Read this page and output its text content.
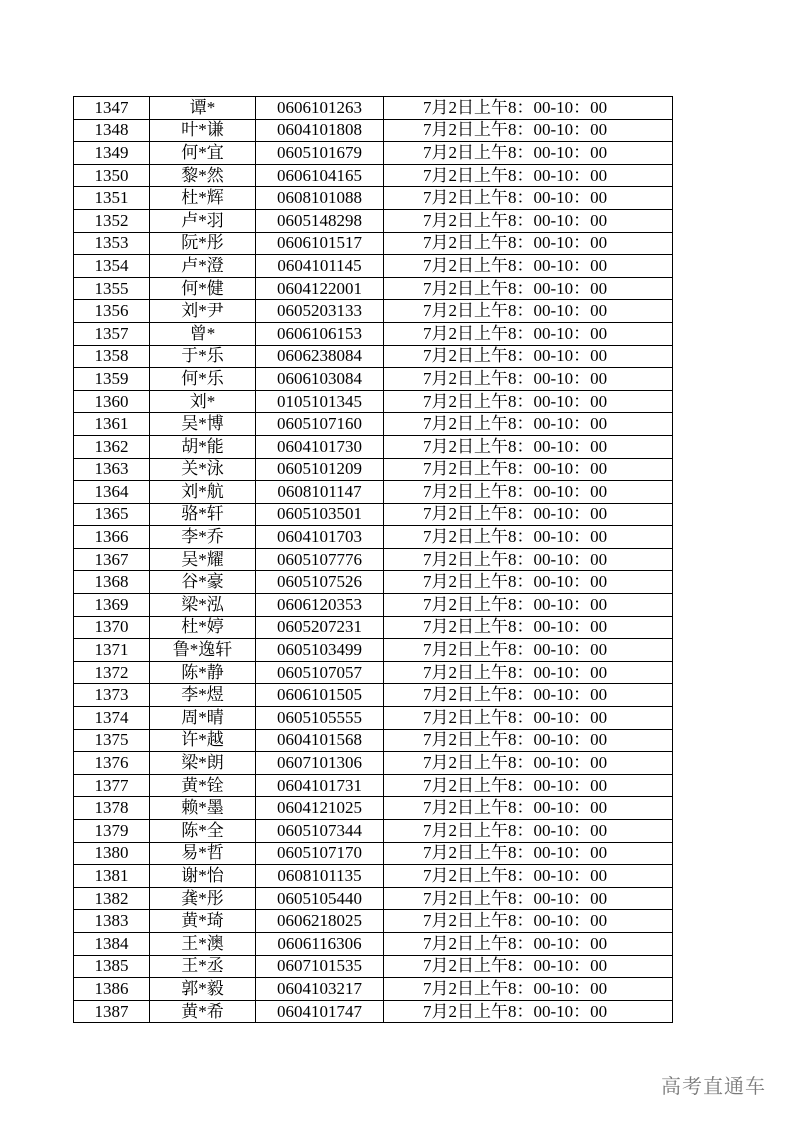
1347	谭*	0606101263	7月2日上午8：00-10：00
1348	叶*谦	0604101808	7月2日上午8：00-10：00
1349	何*宜	0605101679	7月2日上午8：00-10：00
1350	黎*然	0606104165	7月2日上午8：00-10：00
1351	杜*辉	0608101088	7月2日上午8：00-10：00
1352	卢*羽	0605148298	7月2日上午8：00-10：00
1353	阮*彤	0606101517	7月2日上午8：00-10：00
1354	卢*澄	0604101145	7月2日上午8：00-10：00
1355	何*健	0604122001	7月2日上午8：00-10：00
1356	刘*尹	0605203133	7月2日上午8：00-10：00
1357	曾*	0606106153	7月2日上午8：00-10：00
1358	于*乐	0606238084	7月2日上午8：00-10：00
1359	何*乐	0606103084	7月2日上午8：00-10：00
1360	刘*	0105101345	7月2日上午8：00-10：00
1361	吴*博	0605107160	7月2日上午8：00-10：00
1362	胡*能	0604101730	7月2日上午8：00-10：00
1363	关*泳	0605101209	7月2日上午8：00-10：00
1364	刘*航	0608101147	7月2日上午8：00-10：00
1365	骆*轩	0605103501	7月2日上午8：00-10：00
1366	李*乔	0604101703	7月2日上午8：00-10：00
1367	吴*耀	0605107776	7月2日上午8：00-10：00
1368	谷*豪	0605107526	7月2日上午8：00-10：00
1369	梁*泓	0606120353	7月2日上午8：00-10：00
1370	杜*婷	0605207231	7月2日上午8：00-10：00
1371	鲁*逸轩	0605103499	7月2日上午8：00-10：00
1372	陈*静	0605107057	7月2日上午8：00-10：00
1373	李*煜	0606101505	7月2日上午8：00-10：00
1374	周*晴	0605105555	7月2日上午8：00-10：00
1375	许*越	0604101568	7月2日上午8：00-10：00
1376	梁*朗	0607101306	7月2日上午8：00-10：00
1377	黄*铨	0604101731	7月2日上午8：00-10：00
1378	赖*墨	0604121025	7月2日上午8：00-10：00
1379	陈*全	0605107344	7月2日上午8：00-10：00
1380	易*哲	0605107170	7月2日上午8：00-10：00
1381	谢*怡	0608101135	7月2日上午8：00-10：00
1382	龚*彤	0605105440	7月2日上午8：00-10：00
1383	黄*琦	0606218025	7月2日上午8：00-10：00
1384	王*澳	0606116306	7月2日上午8：00-10：00
1385	王*丞	0607101535	7月2日上午8：00-10：00
1386	郭*毅	0604103217	7月2日上午8：00-10：00
1387	黄*希	0604101747	7月2日上午8：00-10：00
高考直通车
